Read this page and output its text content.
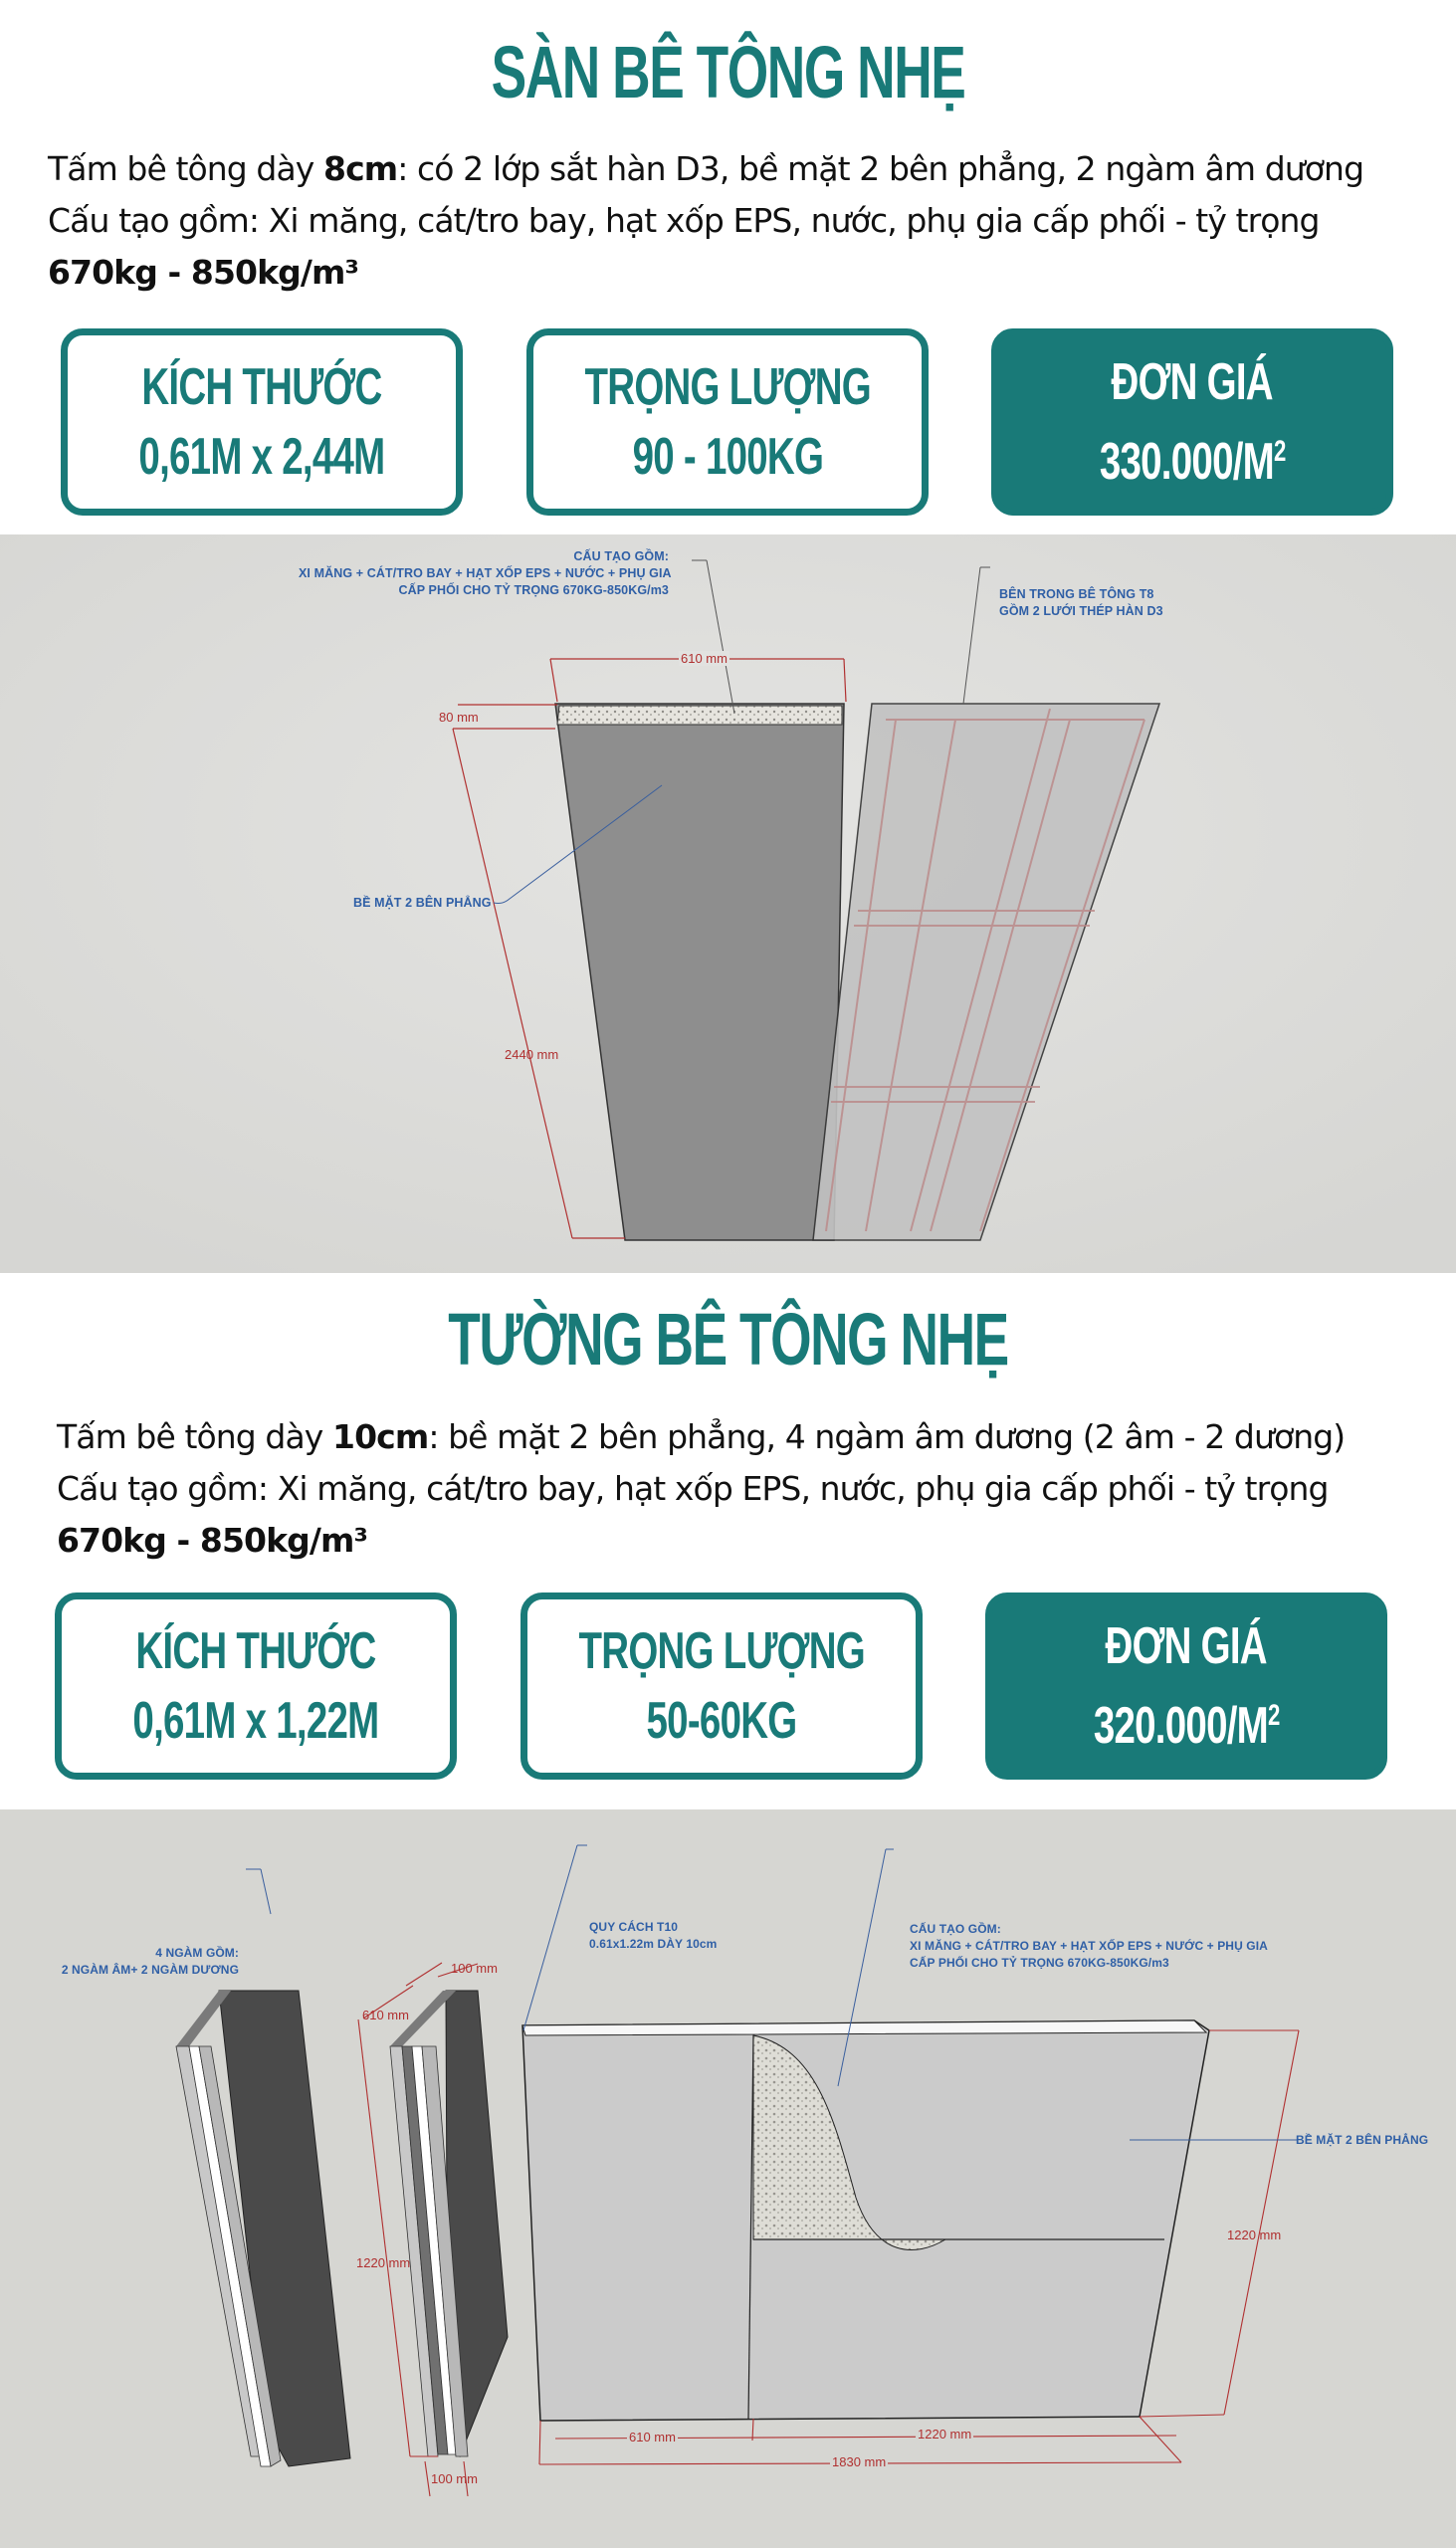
SÀN BÊ TÔNG NHẸ
Tấm bê tông dày 8cm: có 2 lớp sắt hàn D3, bề mặt 2 bên phẳng, 2 ngàm âm dương
Cấu tạo gồm: Xi măng, cát/tro bay, hạt xốp EPS, nước, phụ gia cấp phối - tỷ trọng
670kg - 850kg/m³
KÍCH THƯỚC
0,61M x 2,44M
TRỌNG LƯỢNG
90 - 100KG
ĐƠN GIÁ
$330.000/M^2$
CẤU TẠO GỒM:
XI MĂNG + CÁT/TRO BAY + HẠT XỐP EPS + NƯỚC + PHỤ GIA
CẤP PHỐI CHO TỶ TRỌNG 670KG-850KG/m3	BÊN TRONG BÊ TÔNG T8
GỒM 2 LƯỚI THÉP HÀN D3
BỀ MẶT 2 BÊN PHẲNG
610 mm
80 mm
2440 mm
TƯỜNG BÊ TÔNG NHẸ
Tấm bê tông dày 10cm: bề mặt 2 bên phẳng, 4 ngàm âm dương (2 âm - 2 dương)
Cấu tạo gồm: Xi măng, cát/tro bay, hạt xốp EPS, nước, phụ gia cấp phối - tỷ trọng
670kg - 850kg/m³
KÍCH THƯỚC
0,61M x 1,22M
TRỌNG LƯỢNG
50-60KG
ĐƠN GIÁ
$320.000/M^2$
4 NGÀM GỒM:
2 NGÀM ÂM+ 2 NGÀM DƯƠNG
QUY CÁCH T10
0.61x1.22m DÀY 10cm
CẤU TẠO GỒM:
XI MĂNG + CÁT/TRO BAY + HẠT XỐP EPS + NƯỚC + PHỤ GIA
CẤP PHỐI CHO TỶ TRỌNG 670KG-850KG/m3
BỀ MẶT 2 BÊN PHẲNG
100 mm
610 mm
1220 mm
100 mm
1220 mm
610 mm	1220 mm
1830 mm
